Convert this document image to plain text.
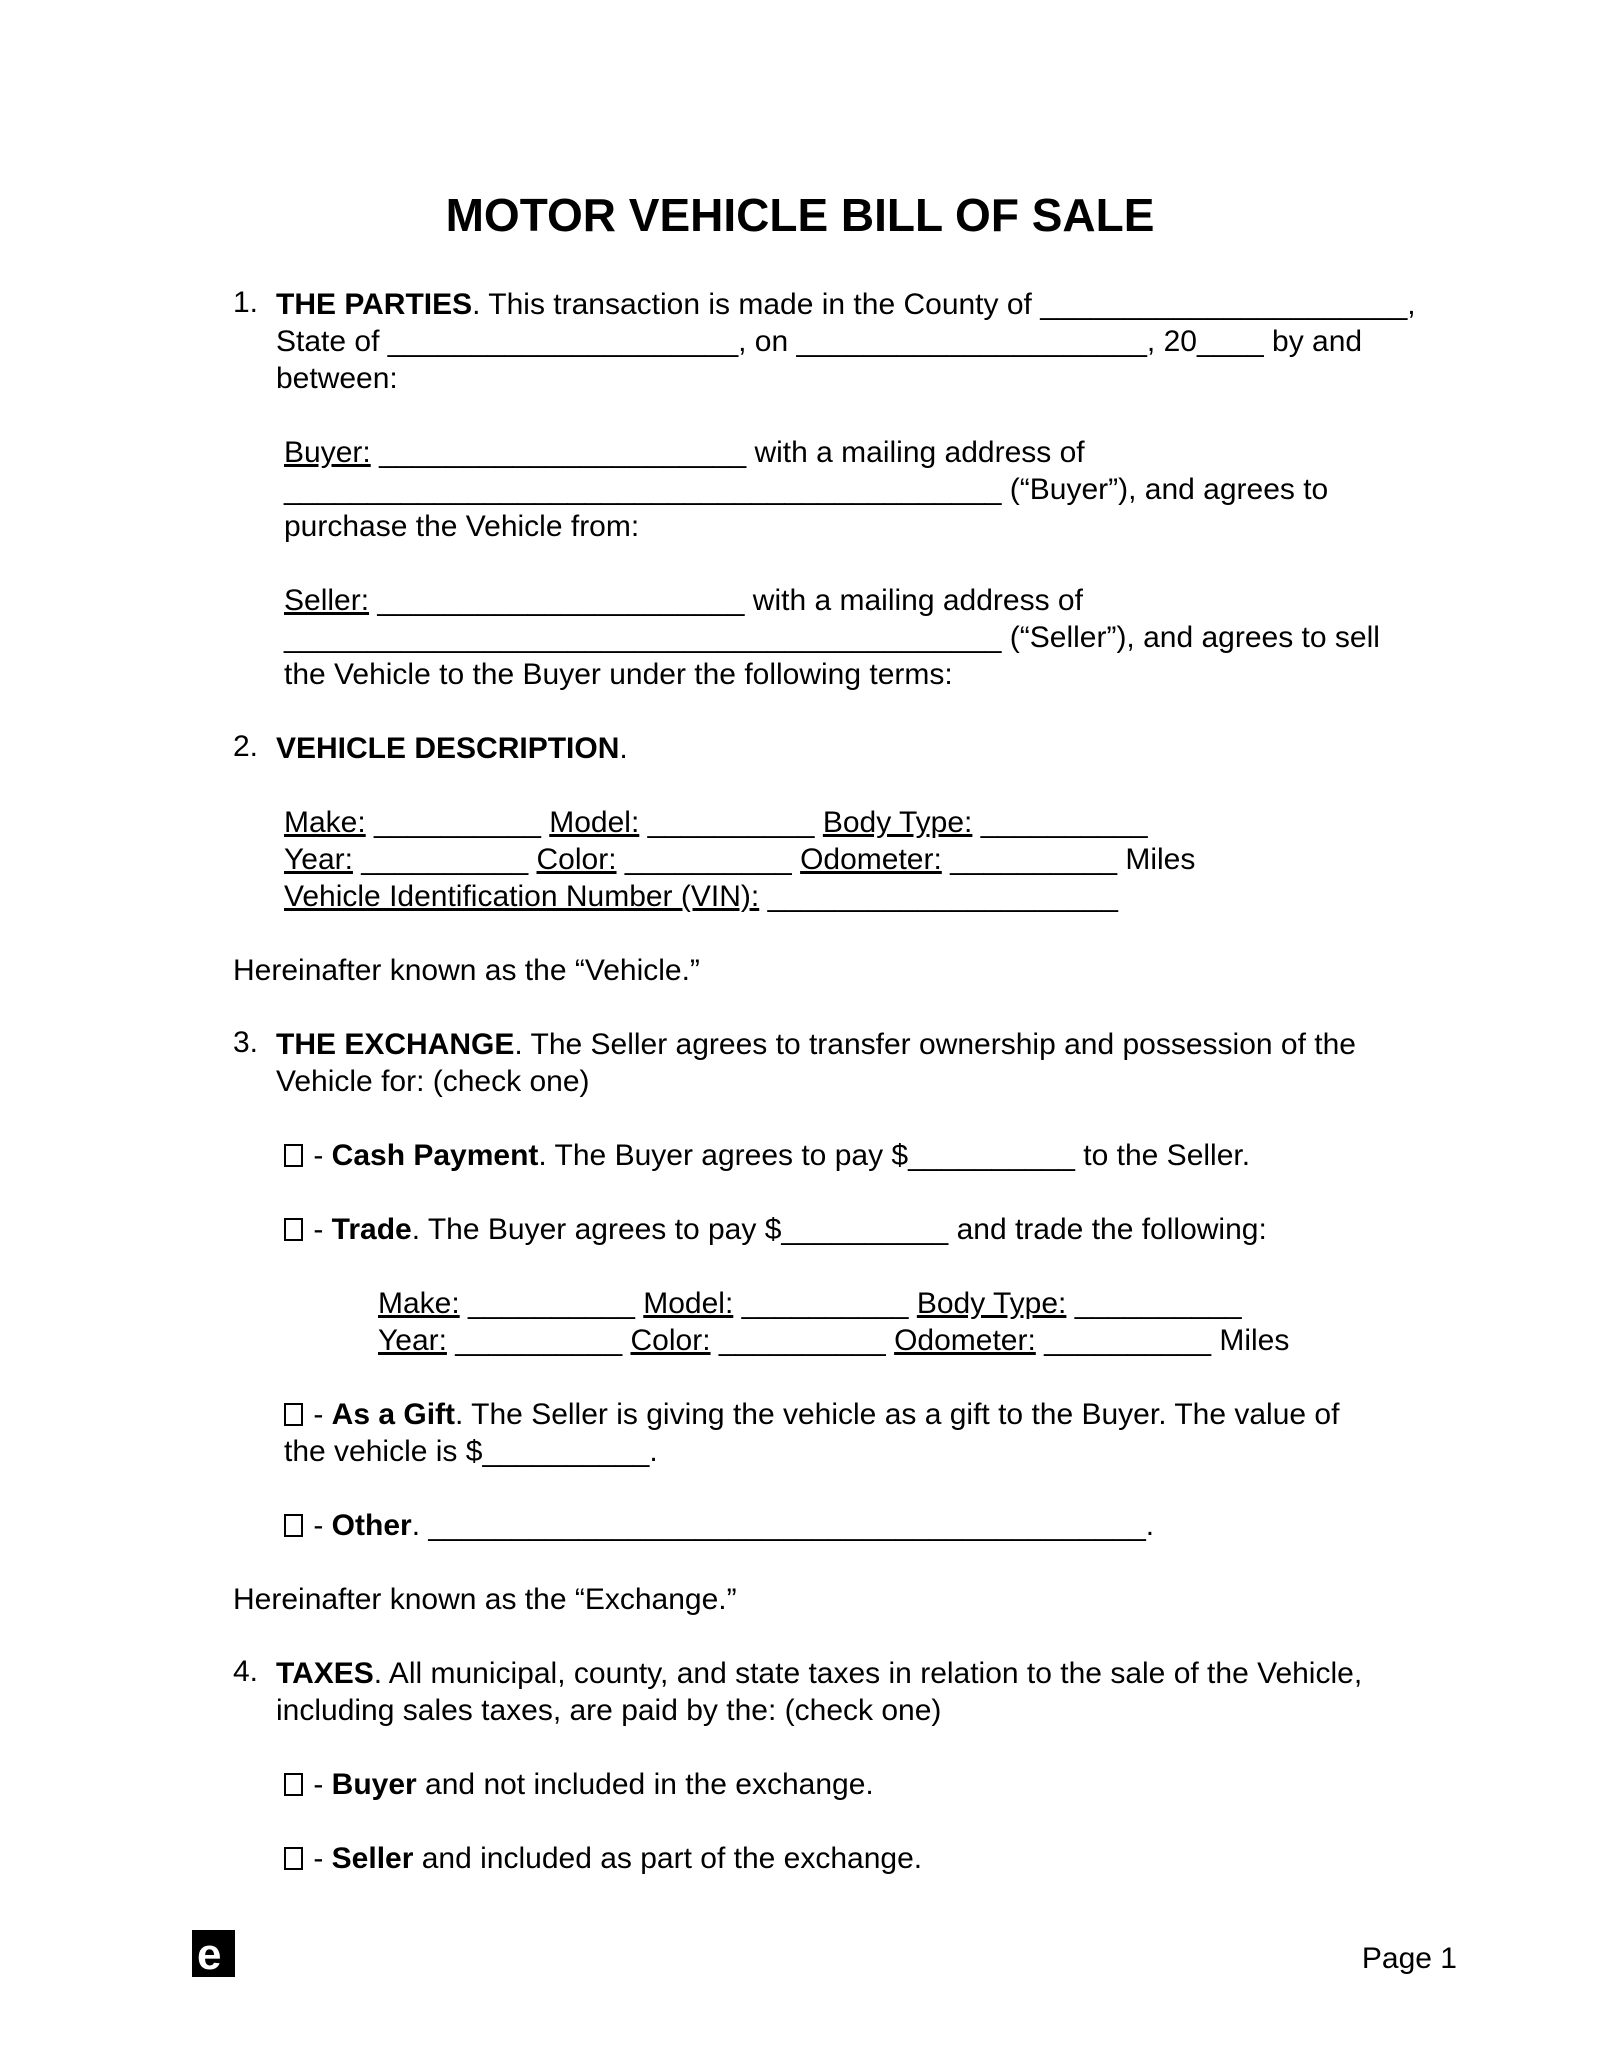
MOTOR VEHICLE BILL OF SALE
1. THE PARTIES. This transaction is made in the County of ______________________,
State of _____________________, on _____________________, 20____ by and
between:
Buyer: ______________________ with a mailing address of
___________________________________________ (“Buyer”), and agrees to
purchase the Vehicle from:
Seller: ______________________ with a mailing address of
___________________________________________ (“Seller”), and agrees to sell
the Vehicle to the Buyer under the following terms:
2. VEHICLE DESCRIPTION.
Make: __________ Model: __________ Body Type: __________
Year: __________ Color: __________ Odometer: __________ Miles
Vehicle Identification Number (VIN): _____________________
Hereinafter known as the “Vehicle.”
3. THE EXCHANGE. The Seller agrees to transfer ownership and possession of the
Vehicle for: (check one)
- Cash Payment. The Buyer agrees to pay $__________ to the Seller.
- Trade. The Buyer agrees to pay $__________ and trade the following:
Make: __________ Model: __________ Body Type: __________
Year: __________ Color: __________ Odometer: __________ Miles
- As a Gift. The Seller is giving the vehicle as a gift to the Buyer. The value of
the vehicle is $__________.
- Other. ___________________________________________.
Hereinafter known as the “Exchange.”
4. TAXES. All municipal, county, and state taxes in relation to the sale of the Vehicle,
including sales taxes, are paid by the: (check one)
- Buyer and not included in the exchange.
- Seller and included as part of the exchange.
e	Page 1
